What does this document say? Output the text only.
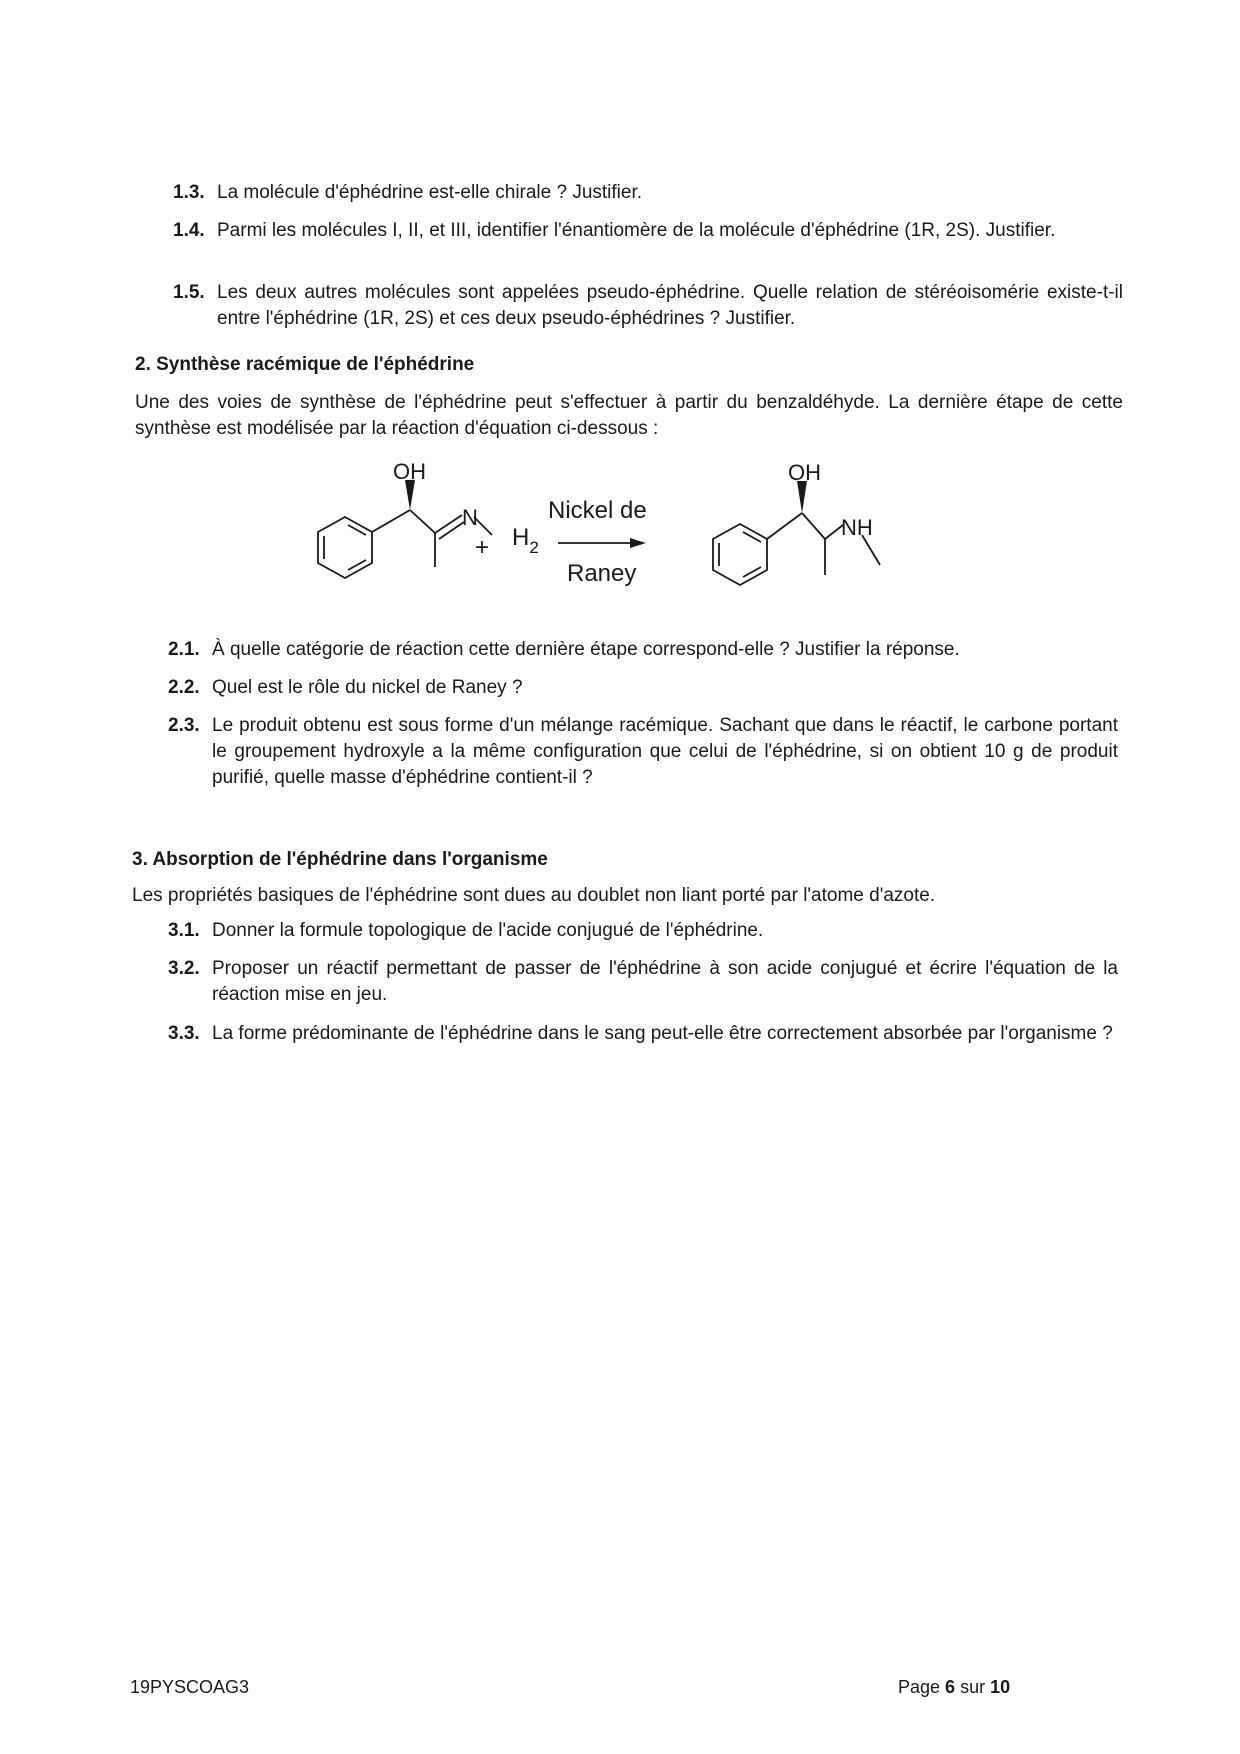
1.3. La molécule d'éphédrine est-elle chirale ? Justifier.
1.4. Parmi les molécules I, II, et III, identifier l'énantiomère de la molécule d'éphédrine (1R, 2S). Justifier.
1.5. Les deux autres molécules sont appelées pseudo-éphédrine. Quelle relation de stéréoisomérie existe-t-il entre l'éphédrine (1R, 2S) et ces deux pseudo-éphédrines ? Justifier.
2. Synthèse racémique de l'éphédrine
Une des voies de synthèse de l'éphédrine peut s'effectuer à partir du benzaldéhyde. La dernière étape de cette synthèse est modélisée par la réaction d'équation ci-dessous :
OH
N
+ $H_2$
Nickel de
Raney
OH
NH
2.1. À quelle catégorie de réaction cette dernière étape correspond-elle ? Justifier la réponse.
2.2. Quel est le rôle du nickel de Raney ?
2.3. Le produit obtenu est sous forme d'un mélange racémique. Sachant que dans le réactif, le carbone portant le groupement hydroxyle a la même configuration que celui de l'éphédrine, si on obtient 10 g de produit purifié, quelle masse d'éphédrine contient-il ?
3. Absorption de l'éphédrine dans l'organisme
Les propriétés basiques de l'éphédrine sont dues au doublet non liant porté par l'atome d'azote.
3.1. Donner la formule topologique de l'acide conjugué de l'éphédrine.
3.2. Proposer un réactif permettant de passer de l'éphédrine à son acide conjugué et écrire l'équation de la réaction mise en jeu.
3.3. La forme prédominante de l'éphédrine dans le sang peut-elle être correctement absorbée par l'organisme ?
19PYSCOAG3	Page 6 sur 10
